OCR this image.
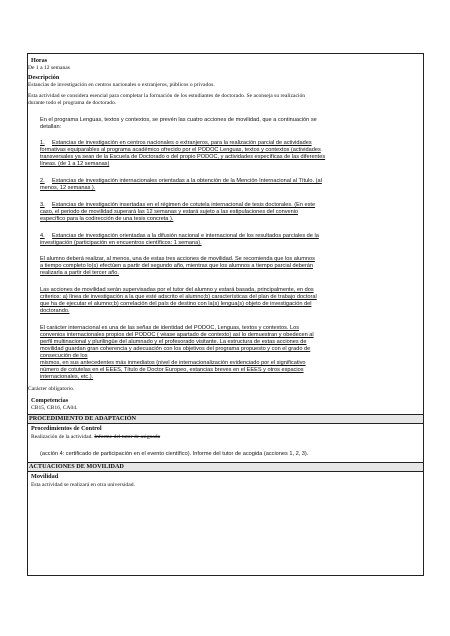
Horas
De 1 a 12 semanas
Descripción
Estancias de investigación en centros nacionales o extranjeros, públicos o privados.
Esta actividad se considera esencial para completar la formación de los estudiantes de doctorado. Se aconseja su realización
durante todo el programa de doctorado.
En el programa Lenguas, textos y contextos, se prevén las cuatro acciones de movilidad, que a continuación se
detallan:
1. Estancias de investigación en centros nacionales o extranjeros, para la realización parcial de actividades
formativas equiparables al programa académico ofrecido por el PODOC Lenguas, textos y contextos (actividades
transversales ya sean de la Escuela de Doctorado o del propio PODOC, y actividades específicas de las diferentes
líneas. (de 1 a 12 semanas)
2. Estancias de investigación internacionales orientadas a la obtención de la Mención Internacional al Título. (al
menos, 12 semanas ).
3. Estancias de investigación insertadas en el régimen de cotutela internacional de tesis doctorales. (En este
caso, el periodo de movilidad superará las 12 semanas y estará sujeto a las estipulaciones del convenio
específico para la codirección de una tesis concreta ).
4. Estancias de investigación orientadas a la difusión nacional e internacional de los resultados parciales de la
investigación (participación en encuentros científicos: 1 semana).
El alumno deberá realizar, al menos, una de estas tres acciones de movilidad. Se recomienda que los alumnos
a tiempo completo lo(s) efectúen a partir del segundo año, mientras que los alumnos a tiempo parcial deberán
realizarla a partir del tercer año.
Las acciones de movilidad serán supervisadas por el tutor del alumno y estará basada, principalmente, en dos
criterios: a) línea de investigación a la que esté adscrito el alumno;b) características del plan de trabajo doctoral
que ha de ejecutar el alumno;b) correlación del país de destino con la(s) lengua(s) objeto de investigación del
doctorando.
El carácter internacional es una de las señas de identidad del PODOC, Lenguas, textos y contextos. Los
convenios internacionales propios del PODOC ( véase apartado de contexto) así lo demuestran y obedecen al
perfil multinacional y plurilingüe del alumnado y el profesorado visitante. La estructura de estas acciones de
movilidad guardan gran coherencia y adecuación con los objetivos del programa propuesto y con el grado de
consecución de los
mismos, en sus antecedentes más inmediatos (nivel de internacionalización evidenciado por el significativo
número de cotutelas en el EEES, Título de Doctor Europeo, estancias breves en el EEES y otros espacios
internacionales, etc.).
Carácter obligatorio.
Competencias
CB15, CB16, CA04.
PROCEDIMIENTO DE ADAPTACIÓN
Procedimientos de Control
Realización de la actividad. Informe del tutor de asignada
(acción 4: certificado de participación en el evento científico). Informe del tutor de acogida (acciones 1, 2, 3).
ACTUACIONES DE MOVILIDAD
Movilidad
Esta actividad se realizará en otra universidad.
